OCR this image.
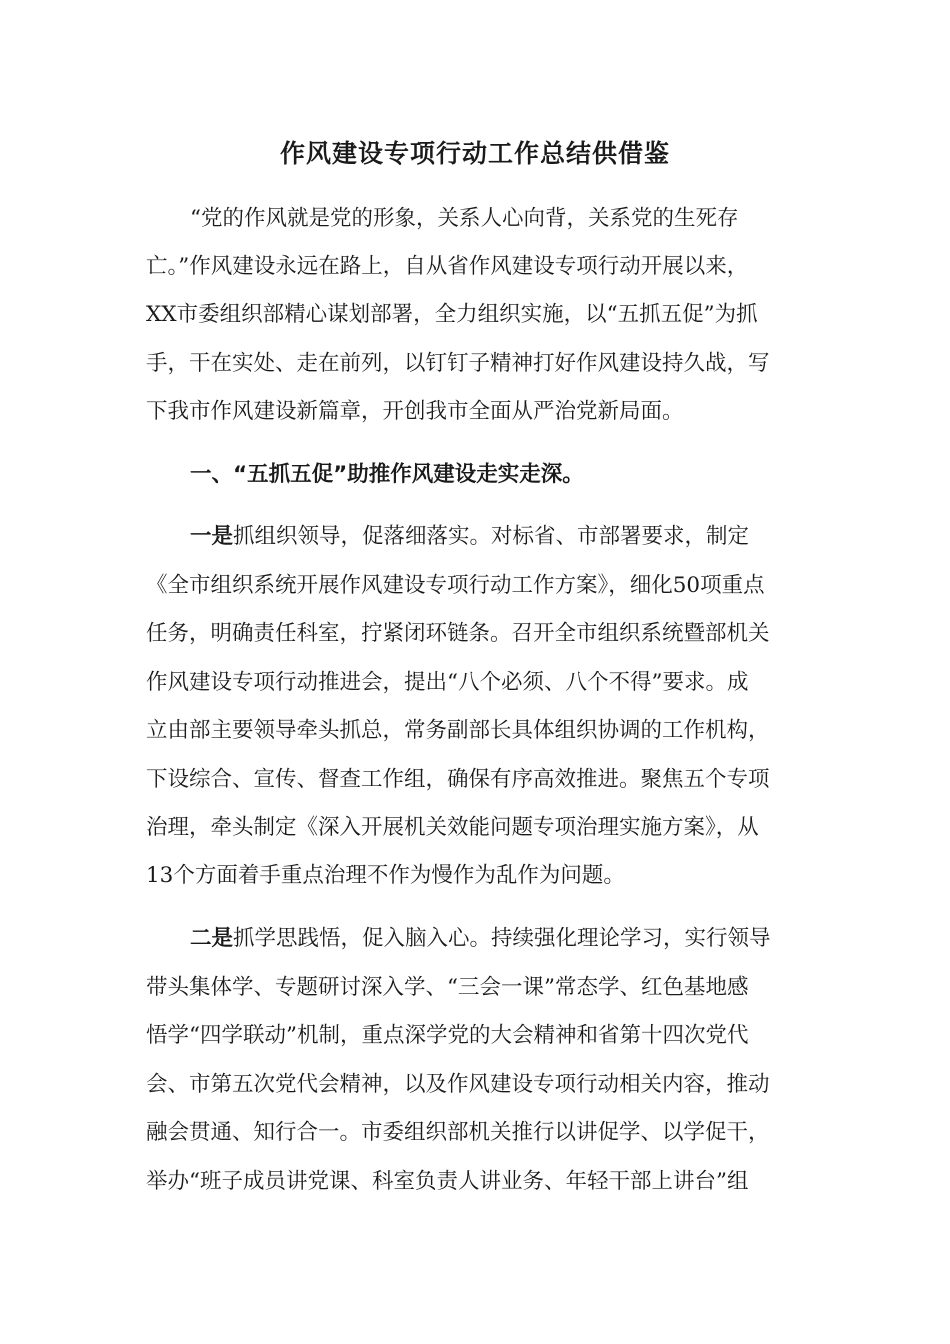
作风建设专项行动工作总结供借鉴
“党的作风就是党的形象，关系人心向背，关系党的生死存
亡。”作风建设永远在路上，自从省作风建设专项行动开展以来，
XX市委组织部精心谋划部署，全力组织实施，以“五抓五促”为抓
手，干在实处、走在前列，以钉钉子精神打好作风建设持久战，写
下我市作风建设新篇章，开创我市全面从严治党新局面。
一、“五抓五促”助推作风建设走实走深。
一是抓组织领导，促落细落实。对标省、市部署要求，制定
《全市组织系统开展作风建设专项行动工作方案》，细化50项重点
任务，明确责任科室，拧紧闭环链条。召开全市组织系统暨部机关
作风建设专项行动推进会，提出“八个必须、八个不得”要求。成
立由部主要领导牵头抓总，常务副部长具体组织协调的工作机构，
下设综合、宣传、督查工作组，确保有序高效推进。聚焦五个专项
治理，牵头制定《深入开展机关效能问题专项治理实施方案》，从
13个方面着手重点治理不作为慢作为乱作为问题。
二是抓学思践悟，促入脑入心。持续强化理论学习，实行领导
带头集体学、专题研讨深入学、“三会一课”常态学、红色基地感
悟学“四学联动”机制，重点深学党的大会精神和省第十四次党代
会、市第五次党代会精神，以及作风建设专项行动相关内容，推动
融会贯通、知行合一。市委组织部机关推行以讲促学、以学促干，
举办“班子成员讲党课、科室负责人讲业务、年轻干部上讲台”组
